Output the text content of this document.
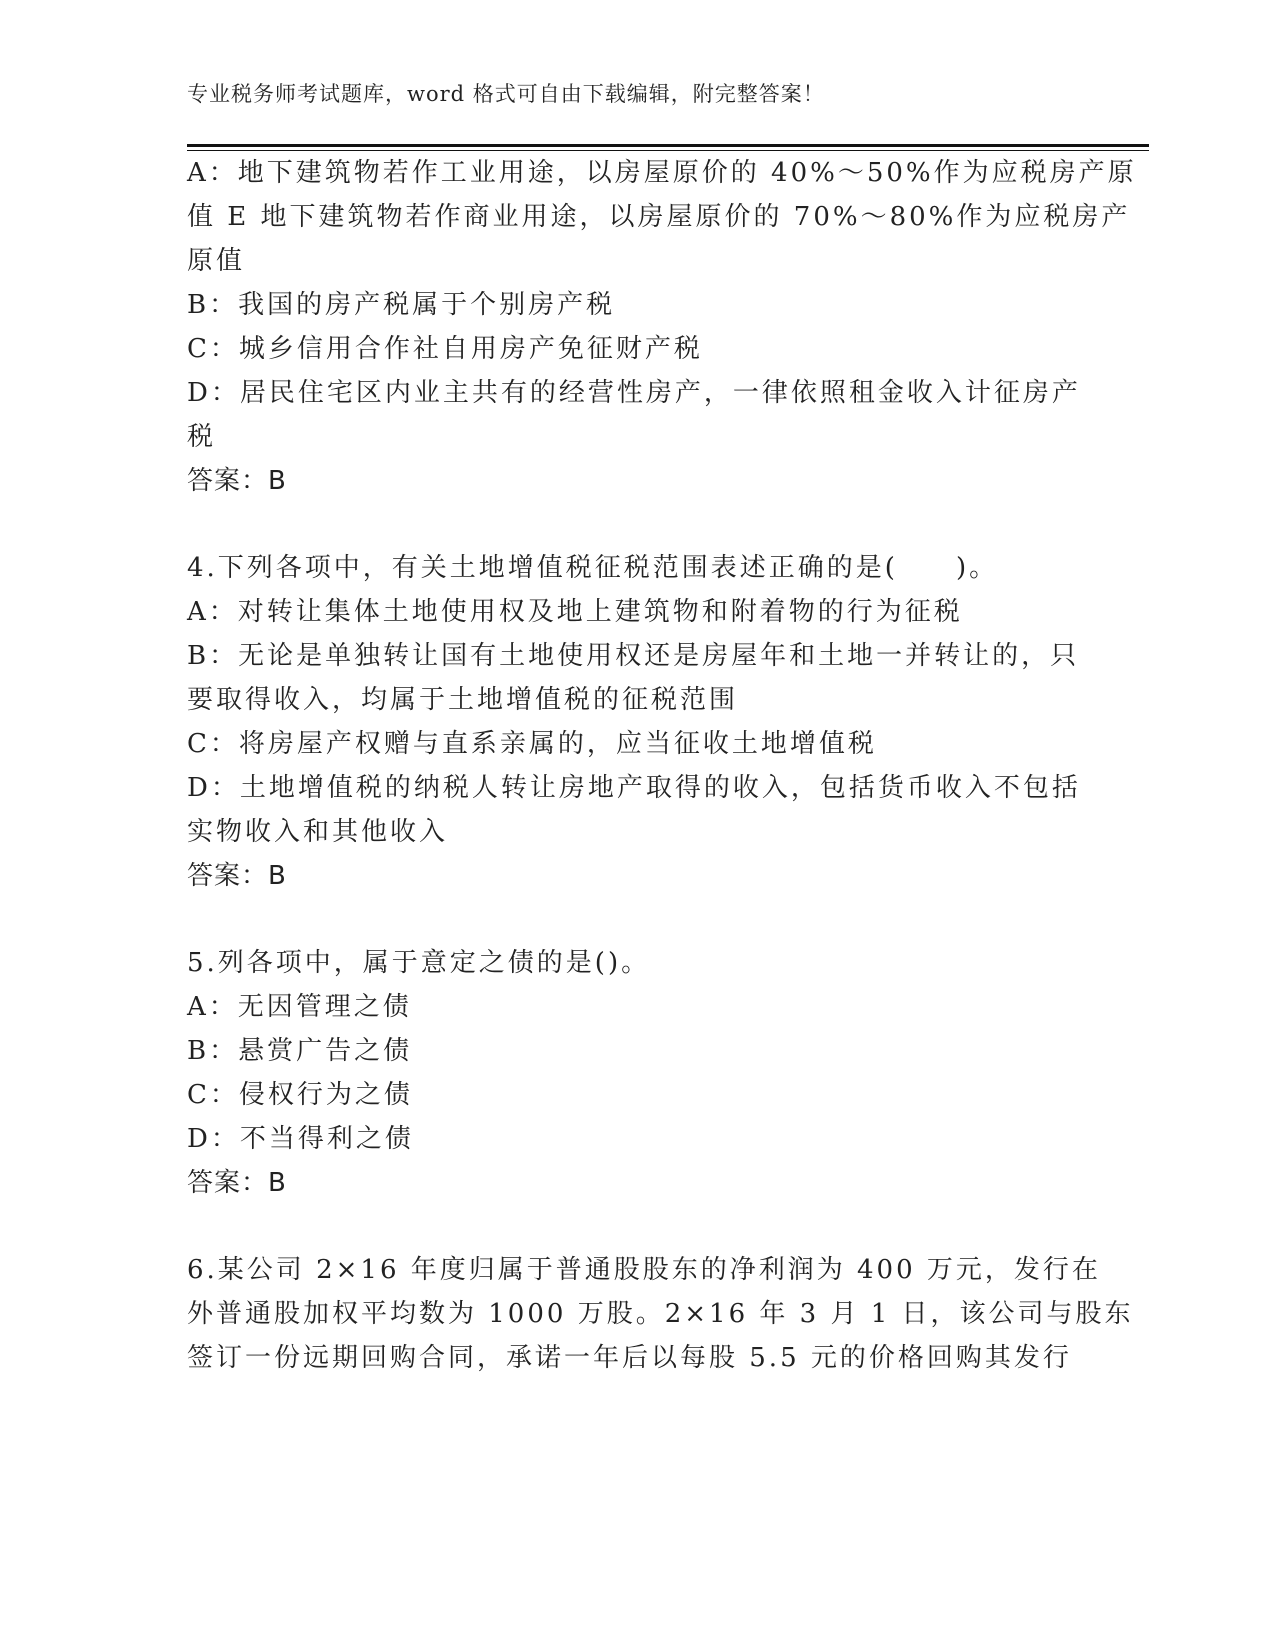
专业税务师考试题库，word 格式可自由下载编辑，附完整答案！
A：地下建筑物若作工业用途，以房屋原价的 40%～50%作为应税房产原
值 E 地下建筑物若作商业用途，以房屋原价的 70%～80%作为应税房产
原值
B：我国的房产税属于个别房产税
C：城乡信用合作社自用房产免征财产税
D：居民住宅区内业主共有的经营性房产，一律依照租金收入计征房产
税
答案：B
4.下列各项中，有关土地增值税征税范围表述正确的是(　　)。
A：对转让集体土地使用权及地上建筑物和附着物的行为征税
B：无论是单独转让国有土地使用权还是房屋年和土地一并转让的，只
要取得收入，均属于土地增值税的征税范围
C：将房屋产权赠与直系亲属的，应当征收土地增值税
D：土地增值税的纳税人转让房地产取得的收入，包括货币收入不包括
实物收入和其他收入
答案：B
5.列各项中，属于意定之债的是()。
A：无因管理之债
B：悬赏广告之债
C：侵权行为之债
D：不当得利之债
答案：B
6.某公司 2×16 年度归属于普通股股东的净利润为 400 万元，发行在
外普通股加权平均数为 1000 万股。2×16 年 3 月 1 日，该公司与股东
签订一份远期回购合同，承诺一年后以每股 5.5 元的价格回购其发行
